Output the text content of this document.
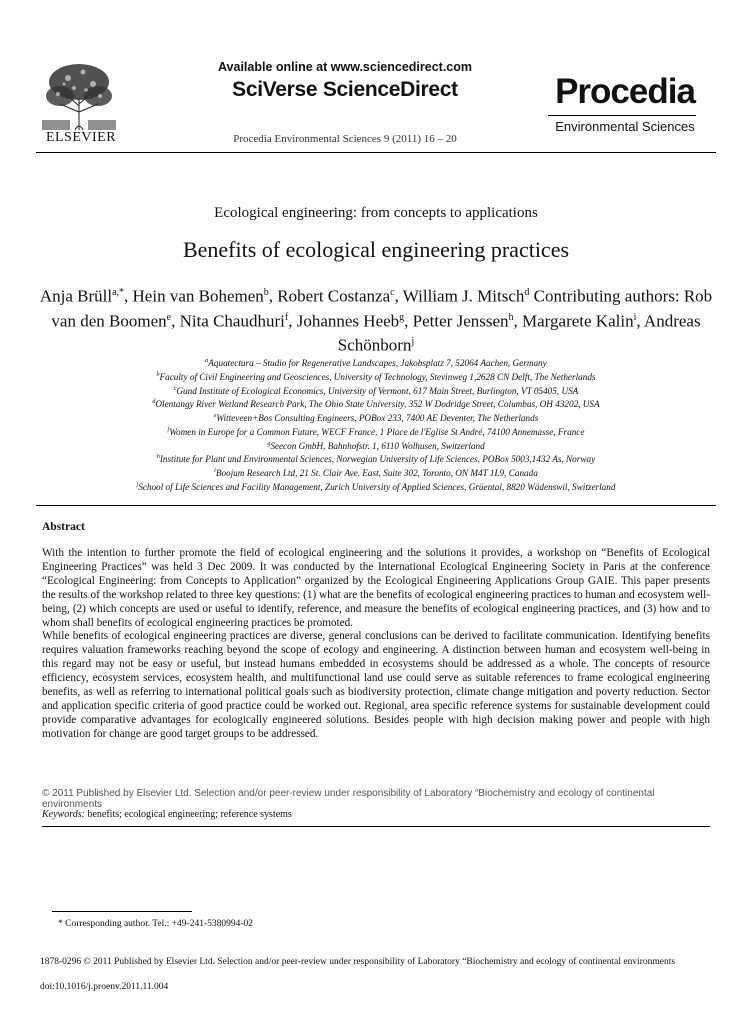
ELSEVIER
Available online at www.sciencedirect.com
SciVerse ScienceDirect
Procedia Environmental Sciences 9 (2011) 16 – 20
Procedia
Environmental Sciences
Ecological engineering: from concepts to applications
Benefits of ecological engineering practices
Anja Brüll$^{a,*}$, Hein van Bohemen$^b$, Robert Costanza$^c$, William J. Mitsch$^d$ Contributing authors: Rob van den Boomen$^e$, Nita Chaudhuri$^f$, Johannes Heeb$^g$, Petter Jenssen$^h$, Margarete Kalin$^i$, Andreas Schönborn$^j$
$^a$Aquatectura – Studio for Regenerative Landscapes, Jakobsplatz 7, 52064 Aachen, Germany
$^b$Faculty of Civil Engineering and Geosciences, University of Technology, Stevinweg 1,2628 CN Delft, The Netherlands
$^c$Gund Institute of Ecological Economics, University of Vermont, 617 Main Street, Burlington, VT 05405, USA
$^d$Olentangy River Wetland Research Park, The Ohio State University, 352 W Dodridge Street, Columbus, OH 43202, USA
$^e$Witteveen+Bos Consulting Engineers, POBox 233, 7400 AE Deventer, The Netherlands
$^f$Women in Europe for a Common Future, WECF France, 1 Place de l'Eglise St André, 74100 Annemasse, France
$^g$Seecon GmbH, Bahnhofstr. 1, 6110 Wolhusen, Switzerland
$^h$Institute for Plant and Environmental Sciences, Norwegian University of Life Sciences, POBox 5003,1432 As, Norway
$^i$Boojum Research Ltd, 21 St. Clair Ave. East, Suite 302, Toronto, ON M4T 1L9, Canada
$^j$School of Life Sciences and Facility Management, Zurich University of Applied Sciences, Grüental, 8820 Wädenswil, Switzerland
Abstract

With the intention to further promote the field of ecological engineering and the solutions it provides, a workshop on “Benefits of Ecological Engineering Practices” was held 3 Dec 2009. It was conducted by the International Ecological Engineering Society in Paris at the conference “Ecological Engineering: from Concepts to Application” organized by the Ecological Engineering Applications Group GAIE. This paper presents the results of the workshop related to three key questions: (1) what are the benefits of ecological engineering practices to human and ecosystem well-being, (2) which concepts are used or useful to identify, reference, and measure the benefits of ecological engineering practices, and (3) how and to whom shall benefits of ecological engineering practices be promoted.

While benefits of ecological engineering practices are diverse, general conclusions can be derived to facilitate communication. Identifying benefits requires valuation frameworks reaching beyond the scope of ecology and engineering. A distinction between human and ecosystem well-being in this regard may not be easy or useful, but instead humans embedded in ecosystems should be addressed as a whole. The concepts of resource efficiency, ecosystem services, ecosystem health, and multifunctional land use could serve as suitable references to frame ecological engineering benefits, as well as referring to international political goals such as biodiversity protection, climate change mitigation and poverty reduction. Sector and application specific criteria of good practice could be worked out. Regional, area specific reference systems for sustainable development could provide comparative advantages for ecologically engineered solutions. Besides people with high decision making power and people with high motivation for change are good target groups to be addressed.

© 2011 Published by Elsevier Ltd. Selection and/or peer-review under responsibility of Laboratory “Biochemistry and ecology of continental environments
Keywords: benefits; ecological engineering; reference systems
* Corresponding author. Tel.: +49-241-5380994-02
1878-0296 © 2011 Published by Elsevier Ltd. Selection and/or peer-review under responsibility of Laboratory “Biochemistry and ecology of continental environments
doi:10.1016/j.proenv.2011.11.004
